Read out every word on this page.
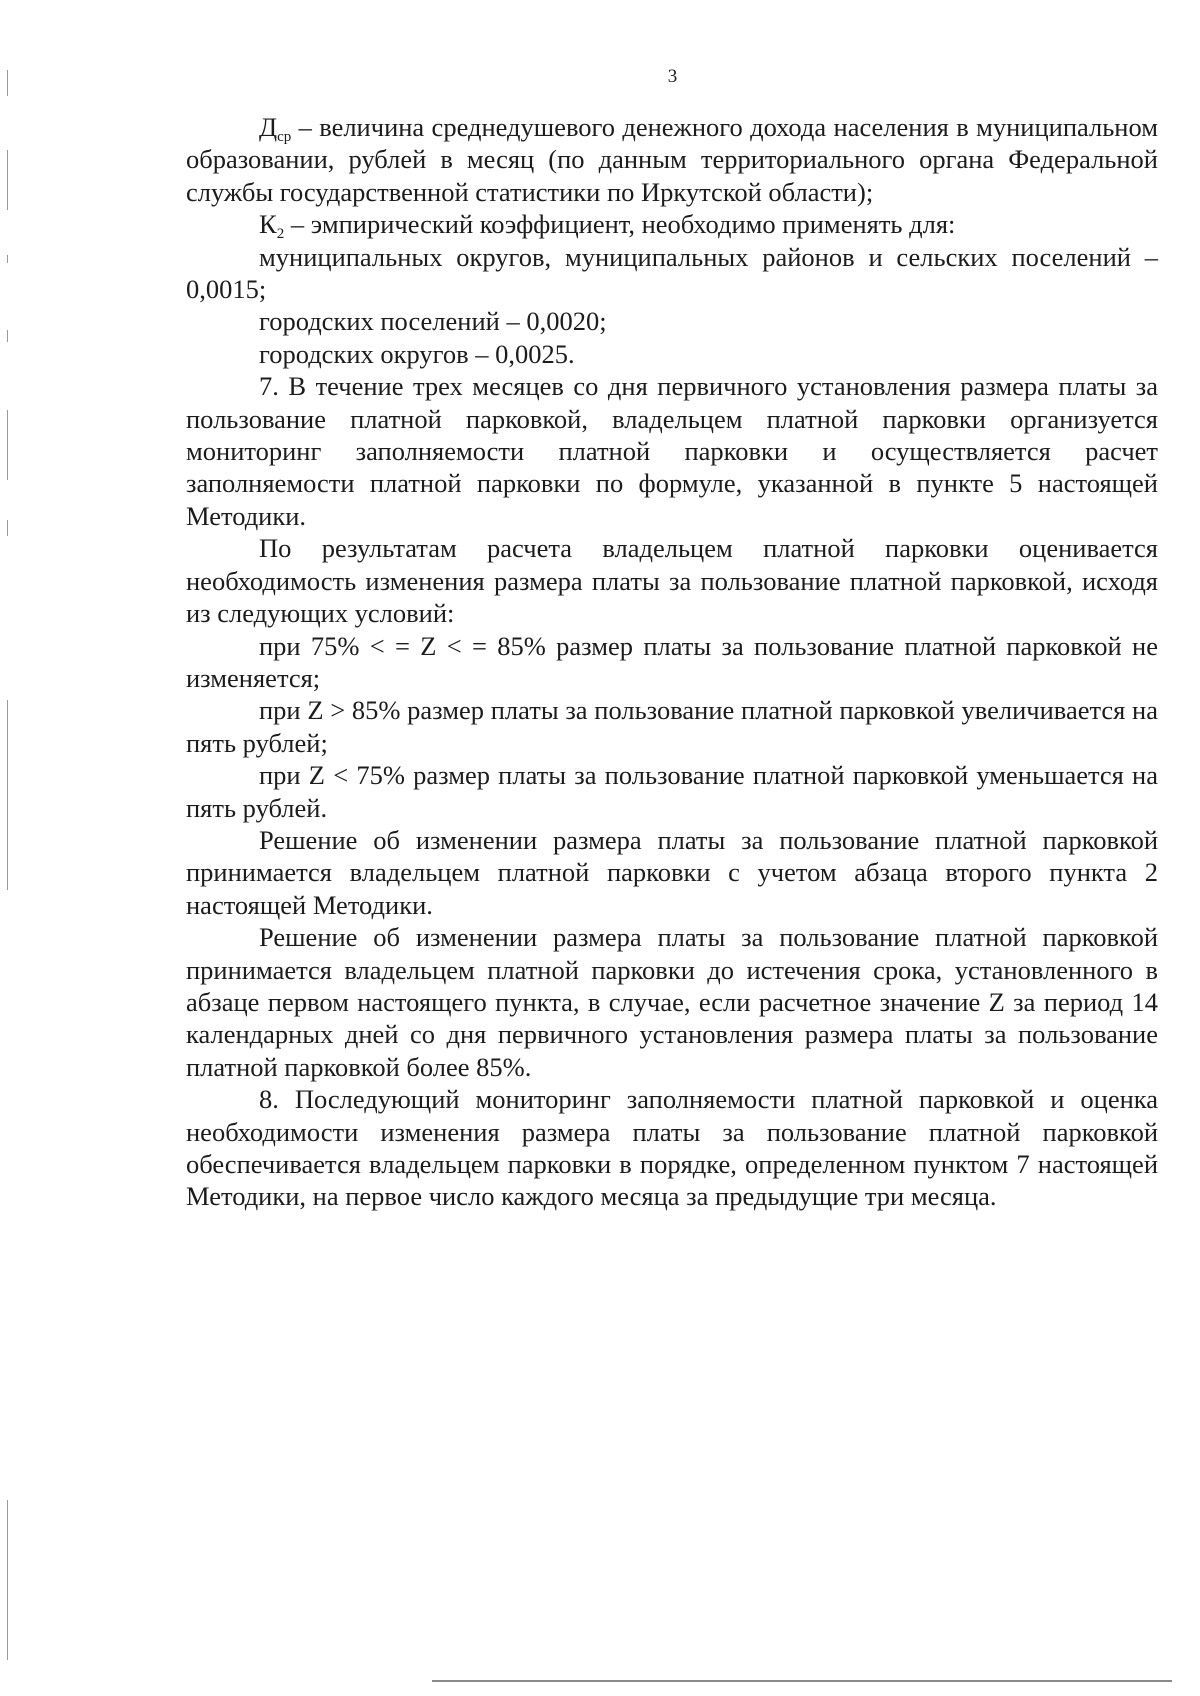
3

$Д_{ср}$ – величина среднедушевого денежного дохода населения в муниципальном образовании, рублей в месяц (по данным территориального органа Федеральной службы государственной статистики по Иркутской области);

$К_2$ – эмпирический коэффициент, необходимо применять для:

муниципальных округов, муниципальных районов и сельских поселений – 0,0015;

городских поселений – 0,0020;

городских округов – 0,0025.

7. В течение трех месяцев со дня первичного установления размера платы за пользование платной парковкой, владельцем платной парковки организуется мониторинг заполняемости платной парковки и осуществляется расчет заполняемости платной парковки по формуле, указанной в пункте 5 настоящей Методики.

По результатам расчета владельцем платной парковки оценивается необходимость изменения размера платы за пользование платной парковкой, исходя из следующих условий:

при 75% < = Z < = 85% размер платы за пользование платной парковкой не изменяется;

при Z > 85% размер платы за пользование платной парковкой увеличивается на пять рублей;

при Z < 75% размер платы за пользование платной парковкой уменьшается на пять рублей.

Решение об изменении размера платы за пользование платной парковкой принимается владельцем платной парковки с учетом абзаца второго пункта 2 настоящей Методики.

Решение об изменении размера платы за пользование платной парковкой принимается владельцем платной парковки до истечения срока, установленного в абзаце первом настоящего пункта, в случае, если расчетное значение Z за период 14 календарных дней со дня первичного установления размера платы за пользование платной парковкой более 85%.

8. Последующий мониторинг заполняемости платной парковкой и оценка необходимости изменения размера платы за пользование платной парковкой обеспечивается владельцем парковки в порядке, определенном пунктом 7 настоящей Методики, на первое число каждого месяца за предыдущие три месяца.
